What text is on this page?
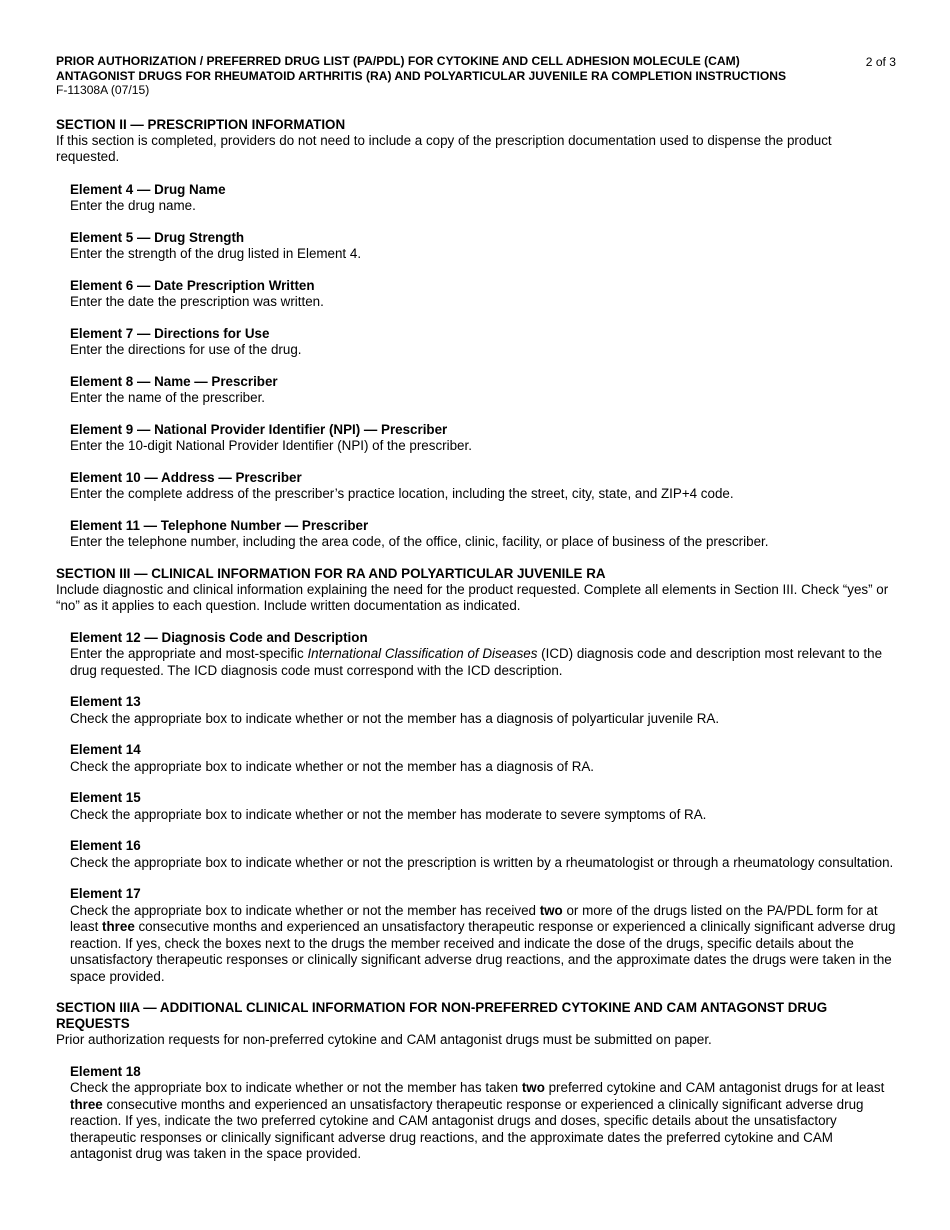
PRIOR AUTHORIZATION / PREFERRED DRUG LIST (PA/PDL) FOR CYTOKINE AND CELL ADHESION MOLECULE (CAM)
ANTAGONIST DRUGS FOR RHEUMATOID ARTHRITIS (RA) AND POLYARTICULAR JUVENILE RA COMPLETION INSTRUCTIONS
F-11308A (07/15)
2 of 3
SECTION II — PRESCRIPTION INFORMATION
If this section is completed, providers do not need to include a copy of the prescription documentation used to dispense the product requested.
Element 4 — Drug Name
Enter the drug name.
Element 5 — Drug Strength
Enter the strength of the drug listed in Element 4.
Element 6 — Date Prescription Written
Enter the date the prescription was written.
Element 7 — Directions for Use
Enter the directions for use of the drug.
Element 8 — Name — Prescriber
Enter the name of the prescriber.
Element 9 — National Provider Identifier (NPI) — Prescriber
Enter the 10-digit National Provider Identifier (NPI) of the prescriber.
Element 10 — Address — Prescriber
Enter the complete address of the prescriber’s practice location, including the street, city, state, and ZIP+4 code.
Element 11 — Telephone Number — Prescriber
Enter the telephone number, including the area code, of the office, clinic, facility, or place of business of the prescriber.
SECTION III — CLINICAL INFORMATION FOR RA AND POLYARTICULAR JUVENILE RA
Include diagnostic and clinical information explaining the need for the product requested. Complete all elements in Section III. Check “yes” or “no” as it applies to each question. Include written documentation as indicated.
Element 12 — Diagnosis Code and Description
Enter the appropriate and most-specific International Classification of Diseases (ICD) diagnosis code and description most relevant to the drug requested. The ICD diagnosis code must correspond with the ICD description.
Element 13
Check the appropriate box to indicate whether or not the member has a diagnosis of polyarticular juvenile RA.
Element 14
Check the appropriate box to indicate whether or not the member has a diagnosis of RA.
Element 15
Check the appropriate box to indicate whether or not the member has moderate to severe symptoms of RA.
Element 16
Check the appropriate box to indicate whether or not the prescription is written by a rheumatologist or through a rheumatology consultation.
Element 17
Check the appropriate box to indicate whether or not the member has received two or more of the drugs listed on the PA/PDL form for at least three consecutive months and experienced an unsatisfactory therapeutic response or experienced a clinically significant adverse drug reaction. If yes, check the boxes next to the drugs the member received and indicate the dose of the drugs, specific details about the unsatisfactory therapeutic responses or clinically significant adverse drug reactions, and the approximate dates the drugs were taken in the space provided.
SECTION IIIA — ADDITIONAL CLINICAL INFORMATION FOR NON-PREFERRED CYTOKINE AND CAM ANTAGONST DRUG REQUESTS
Prior authorization requests for non-preferred cytokine and CAM antagonist drugs must be submitted on paper.
Element 18
Check the appropriate box to indicate whether or not the member has taken two preferred cytokine and CAM antagonist drugs for at least three consecutive months and experienced an unsatisfactory therapeutic response or experienced a clinically significant adverse drug reaction. If yes, indicate the two preferred cytokine and CAM antagonist drugs and doses, specific details about the unsatisfactory therapeutic responses or clinically significant adverse drug reactions, and the approximate dates the preferred cytokine and CAM antagonist drug was taken in the space provided.
